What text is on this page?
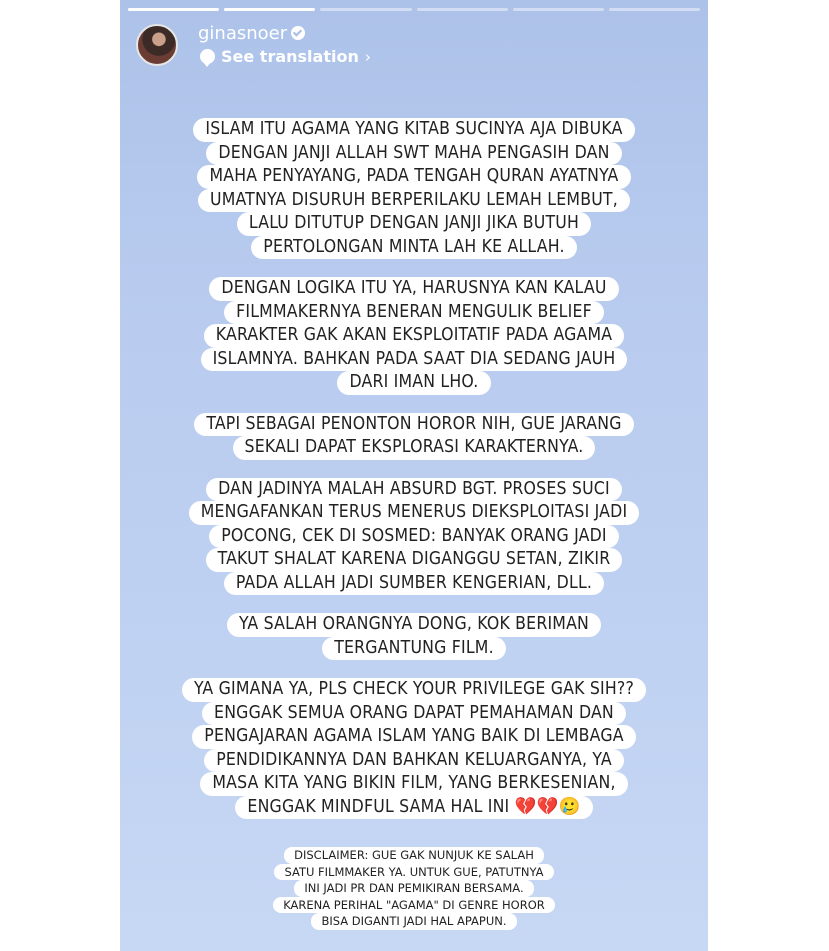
ginasnoer
See translation ›
ISLAM ITU AGAMA YANG KITAB SUCINYA AJA DIBUKA
DENGAN JANJI ALLAH SWT MAHA PENGASIH DAN
MAHA PENYAYANG, PADA TENGAH QURAN AYATNYA
UMATNYA DISURUH BERPERILAKU LEMAH LEMBUT,
LALU DITUTUP DENGAN JANJI JIKA BUTUH
PERTOLONGAN MINTA LAH KE ALLAH.
DENGAN LOGIKA ITU YA, HARUSNYA KAN KALAU
FILMMAKERNYA BENERAN MENGULIK BELIEF
KARAKTER GAK AKAN EKSPLOITATIF PADA AGAMA
ISLAMNYA. BAHKAN PADA SAAT DIA SEDANG JAUH
DARI IMAN LHO.
TAPI SEBAGAI PENONTON HOROR NIH, GUE JARANG
SEKALI DAPAT EKSPLORASI KARAKTERNYA.
DAN JADINYA MALAH ABSURD BGT. PROSES SUCI
MENGAFANKAN TERUS MENERUS DIEKSPLOITASI JADI
POCONG, CEK DI SOSMED: BANYAK ORANG JADI
TAKUT SHALAT KARENA DIGANGGU SETAN, ZIKIR
PADA ALLAH JADI SUMBER KENGERIAN, DLL.
YA SALAH ORANGNYA DONG, KOK BERIMAN
TERGANTUNG FILM.
YA GIMANA YA, PLS CHECK YOUR PRIVILEGE GAK SIH??
ENGGAK SEMUA ORANG DAPAT PEMAHAMAN DAN
PENGAJARAN AGAMA ISLAM YANG BAIK DI LEMBAGA
PENDIDIKANNYA DAN BAHKAN KELUARGANYA, YA
MASA KITA YANG BIKIN FILM, YANG BERKESENIAN,
ENGGAK MINDFUL SAMA HAL INI 💔💔🥲
DISCLAIMER: GUE GAK NUNJUK KE SALAH
SATU FILMMAKER YA. UNTUK GUE, PATUTNYA
INI JADI PR DAN PEMIKIRAN BERSAMA.
KARENA PERIHAL "AGAMA" DI GENRE HOROR
BISA DIGANTI JADI HAL APAPUN.
